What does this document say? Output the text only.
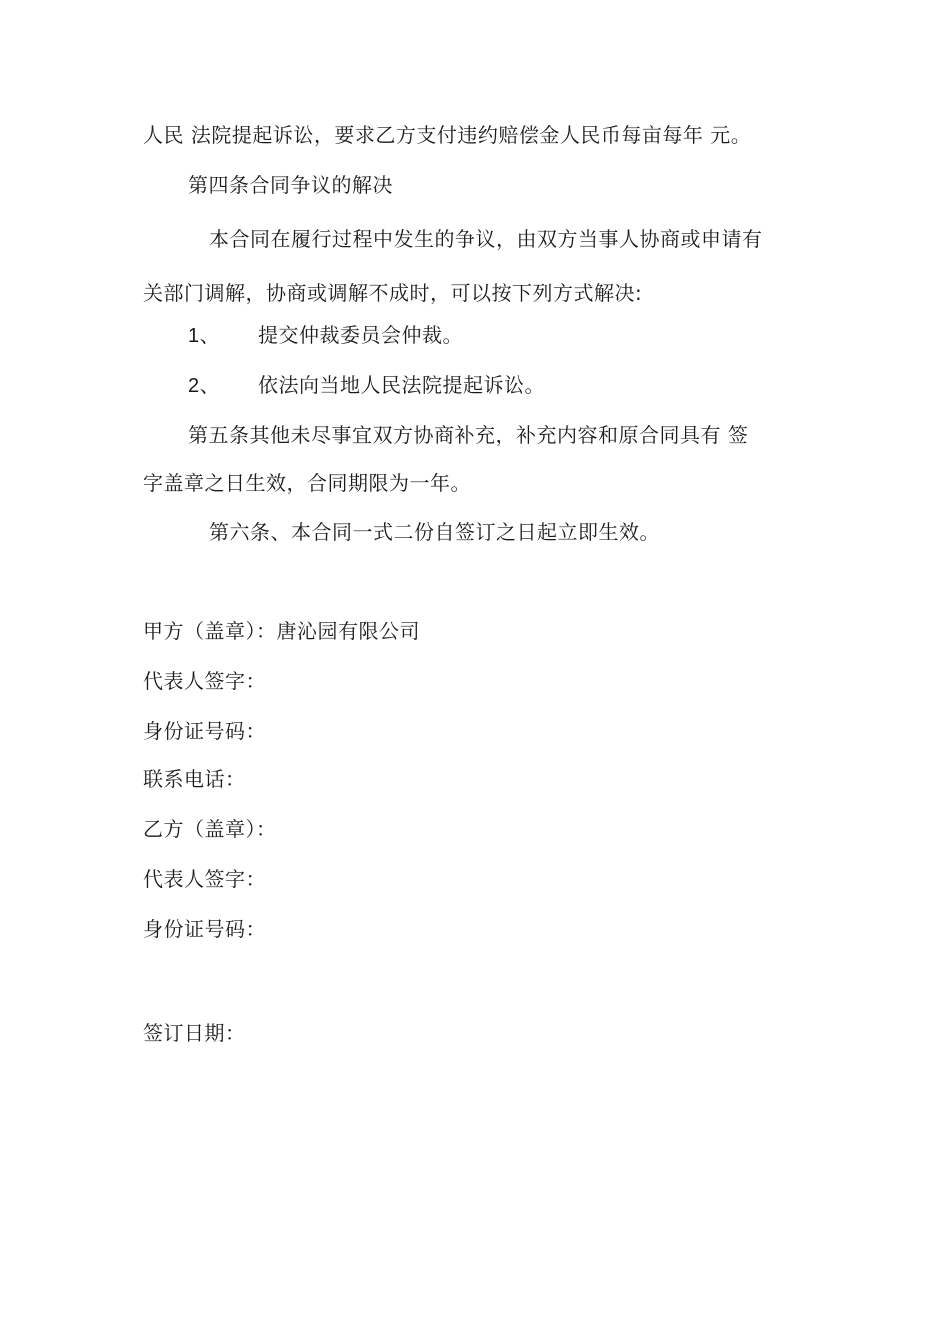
人民 法院提起诉讼，要求乙方支付违约赔偿金人民币每亩每年 元。
第四条合同争议的解决
本合同在履行过程中发生的争议，由双方当事人协商或申请有
关部门调解，协商或调解不成时，可以按下列方式解决:
1、 提交仲裁委员会仲裁。
2、 依法向当地人民法院提起诉讼。
第五条其他未尽事宜双方协商补充，补充内容和原合同具有 签
字盖章之日生效，合同期限为一年。
第六条、本合同一式二份自签订之日起立即生效。
甲方（盖章）：唐沁园有限公司
代表人签字：
身份证号码：
联系电话：
乙方（盖章）：
代表人签字：
身份证号码：
签订日期：
